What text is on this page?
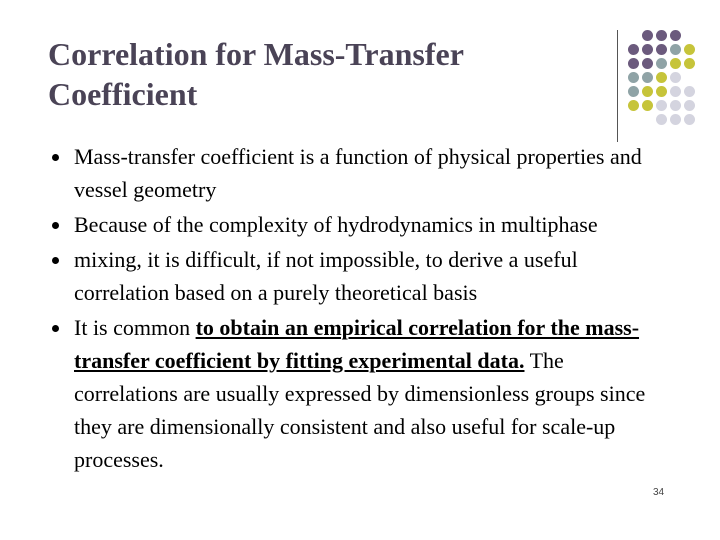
Correlation for Mass-Transfer Coefficient
Mass-transfer coefficient is a function of physical properties and vessel geometry
Because of the complexity of hydrodynamics in multiphase
mixing, it is difficult, if not impossible, to derive a useful correlation based on a purely theoretical basis
It is common to obtain an empirical correlation for the mass-transfer coefficient by fitting experimental data. The correlations are usually expressed by dimensionless groups since they are dimensionally consistent and also useful for scale-up processes.
34
